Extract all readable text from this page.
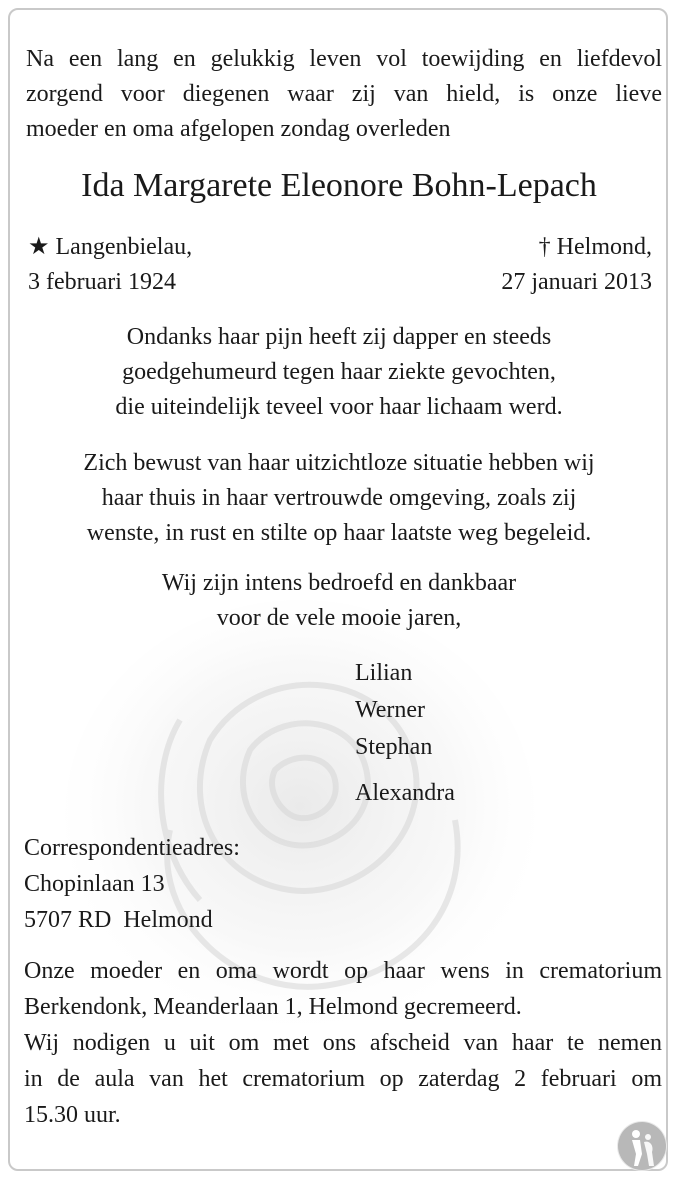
Na een lang en gelukkig leven vol toewijding en liefdevol
zorgend voor diegenen waar zij van hield, is onze lieve
moeder en oma afgelopen zondag overleden

Ida Margarete Eleonore Bohn-Lepach

★ Langenbielau,
3 februari 1924

† Helmond,
27 januari 2013

Ondanks haar pijn heeft zij dapper en steeds
goedgehumeurd tegen haar ziekte gevochten,
die uiteindelijk teveel voor haar lichaam werd.

Zich bewust van haar uitzichtloze situatie hebben wij
haar thuis in haar vertrouwde omgeving, zoals zij
wenste, in rust en stilte op haar laatste weg begeleid.

Wij zijn intens bedroefd en dankbaar
voor de vele mooie jaren,

Lilian
Werner
Stephan
Alexandra

Correspondentieadres:
Chopinlaan 13
5707 RD  Helmond

Onze moeder en oma wordt op haar wens in crematorium
Berkendonk, Meanderlaan 1, Helmond gecremeerd.
Wij nodigen u uit om met ons afscheid van haar te nemen
in de aula van het crematorium op zaterdag 2 februari om
15.30 uur.
